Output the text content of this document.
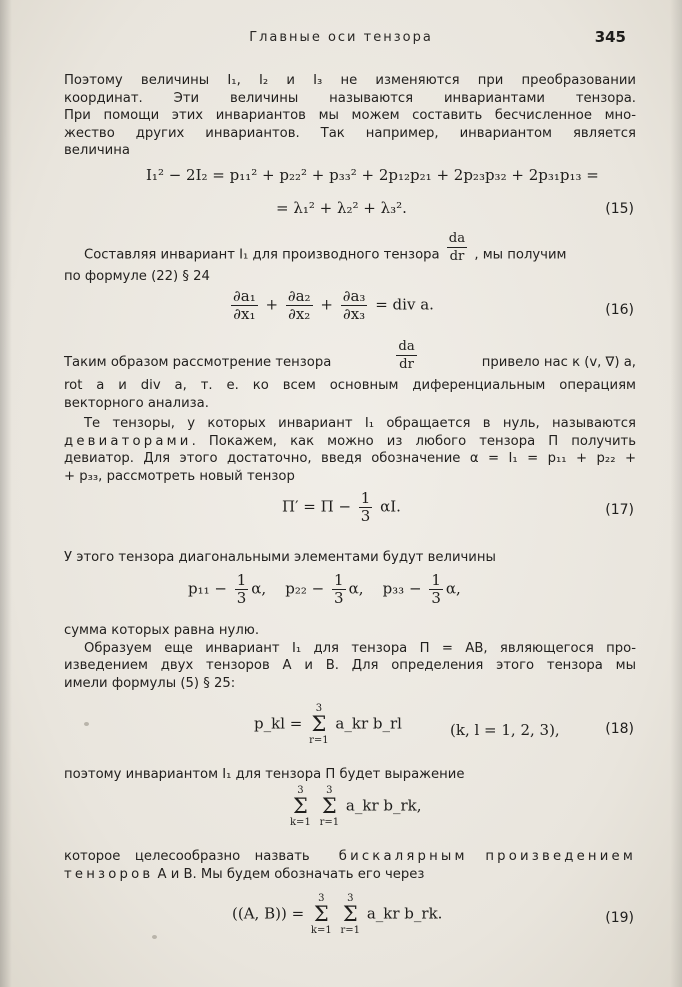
Главные оси тензора	345
Поэтому величины I₁, I₂ и I₃ не изменяются при преобразовании
координат. Эти величины называются инвариантами тензора.
При помощи этих инвариантов мы можем составить бесчисленное мно-
жество других инвариантов. Так например, инвариантом является
величина
I₁² − 2I₂ = p₁₁² + p₂₂² + p₃₃² + 2p₁₂p₂₁ + 2p₂₃p₃₂ + 2p₃₁p₁₃ =
= λ₁² + λ₂² + λ₃².	(15)
Составляя инвариант I₁ для производного тензора $\frac{da}{dr}$ , мы получим
по формуле (22) § 24
$\frac{\text{∂a₁}}{\text{∂x₁}} + \frac{\text{∂a₂}}{\text{∂x₂}} + \frac{\text{∂a₃}}{\text{∂x₃}}$ = div a.	(16)
Таким образом рассмотрение тензора	$\frac{da}{dr}$	привело нас к (v, ∇) a,
rot a и div a, т. е. ко всем основным диференциальным операциям
векторного анализа.
Те тензоры, у которых инвариант I₁ обращается в нуль, называются
девиаторами. Покажем, как можно из любого тензора Π получить
девиатор. Для этого достаточно, введя обозначение α = I₁ = p₁₁ + p₂₂ +
+ p₃₃, рассмотреть новый тензор
$\Pi' = \Pi - \frac{1}{3} \alpha I$.	(17)
У этого тензора диагональными элементами будут величины
$p_{11} - \frac{1}{3} \alpha$, $p_{22} - \frac{1}{3} \alpha$, $p_{33} - \frac{1}{3} \alpha$,
сумма которых равна нулю.
Образуем еще инвариант I₁ для тензора Π = AB, являющегося про-
изведением двух тензоров A и B. Для определения этого тензора мы
имели формулы (5) § 25:
p_kl = 3
Σ
r=1 a_kr b_rl	(k, l = 1, 2, 3),	(18)
поэтому инвариантом I₁ для тензора Π будет выражение
3
Σ
k=1 3
Σ
r=1 a_kr b_rk,
которое целесообразно назвать бискалярным произведением
тензоров A и B. Мы будем обозначать его через
((A, B)) = 3
Σ
k=1 3
Σ
r=1 a_kr b_rk.	(19)
